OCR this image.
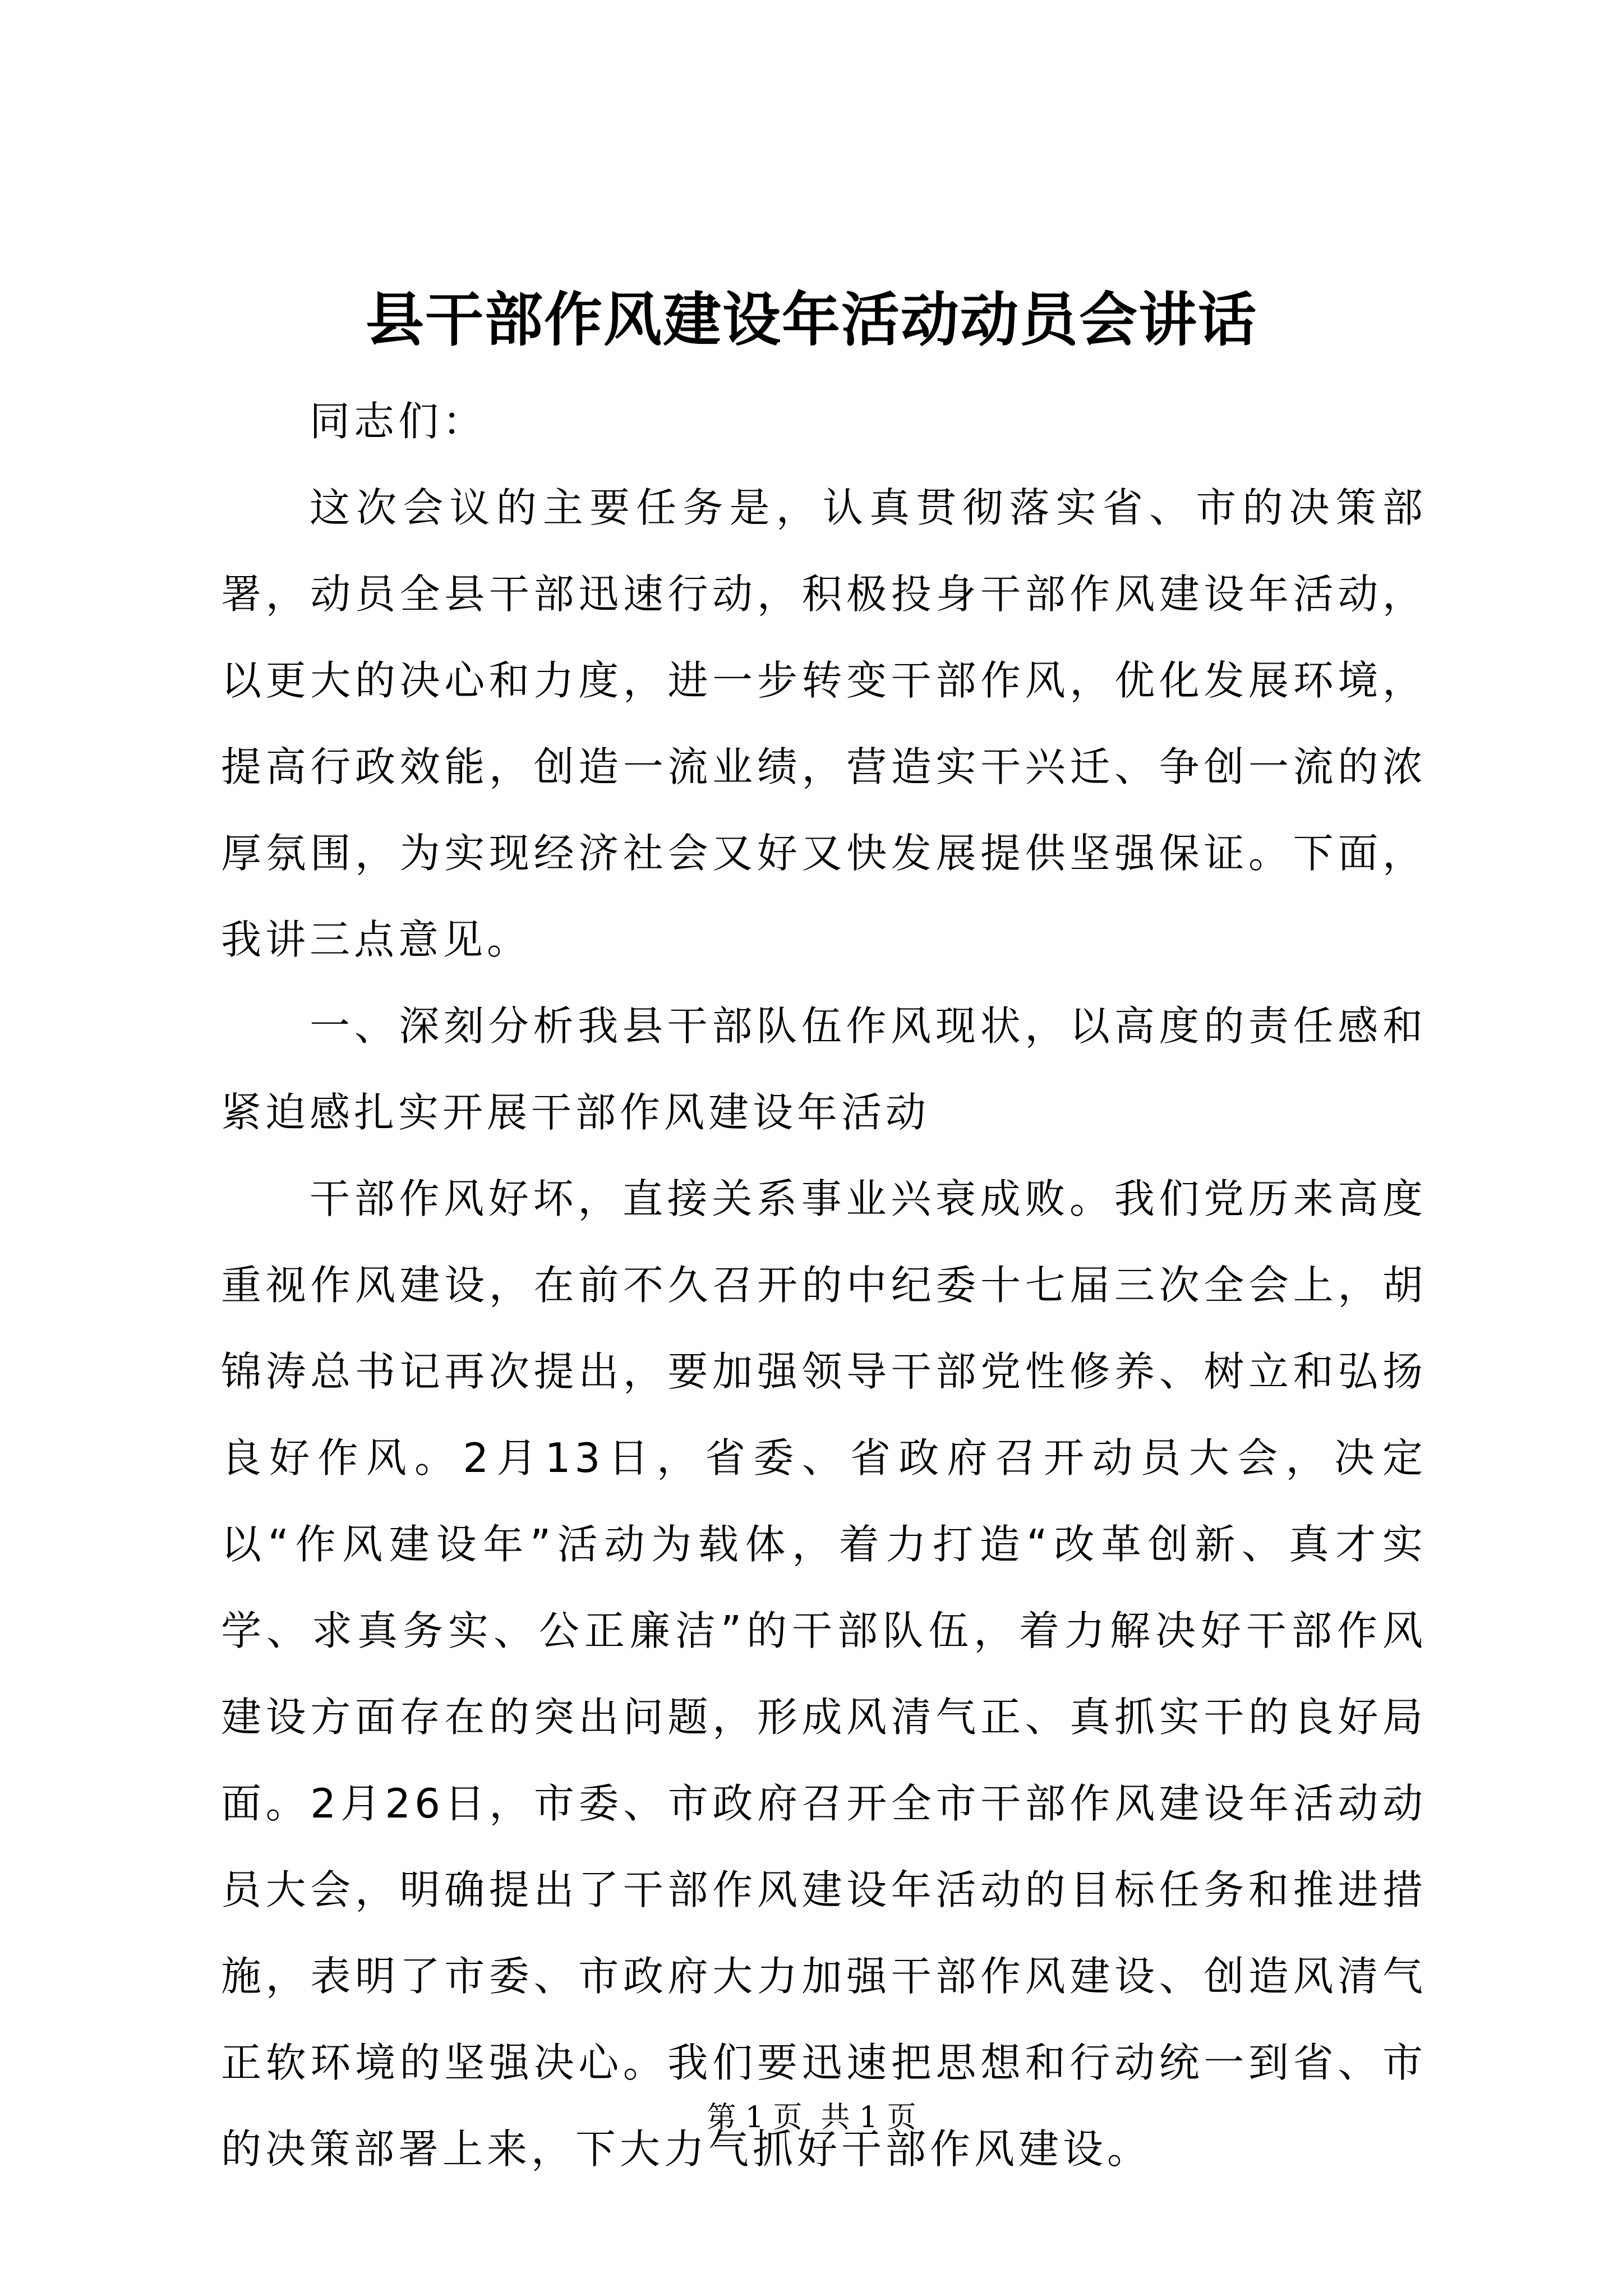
县干部作风建设年活动动员会讲话

同志们：

这次会议的主要任务是，认真贯彻落实省、市的决策部署，动员全县干部迅速行动，积极投身干部作风建设年活动，以更大的决心和力度，进一步转变干部作风，优化发展环境，提高行政效能，创造一流业绩，营造实干兴迁、争创一流的浓厚氛围，为实现经济社会又好又快发展提供坚强保证。下面，我讲三点意见。

一、深刻分析我县干部队伍作风现状，以高度的责任感和紧迫感扎实开展干部作风建设年活动

干部作风好坏，直接关系事业兴衰成败。我们党历来高度重视作风建设，在前不久召开的中纪委十七届三次全会上，胡锦涛总书记再次提出，要加强领导干部党性修养、树立和弘扬良好作风。2月13日，省委、省政府召开动员大会，决定以“作风建设年”活动为载体，着力打造“改革创新、真才实学、求真务实、公正廉洁”的干部队伍，着力解决好干部作风建设方面存在的突出问题，形成风清气正、真抓实干的良好局面。2月26日，市委、市政府召开全市干部作风建设年活动动员大会，明确提出了干部作风建设年活动的目标任务和推进措施，表明了市委、市政府大力加强干部作风建设、创造风清气正软环境的坚强决心。我们要迅速把思想和行动统一到省、市的决策部署上来，下大力气抓好干部作风建设。

第 1 页  共 1 页
